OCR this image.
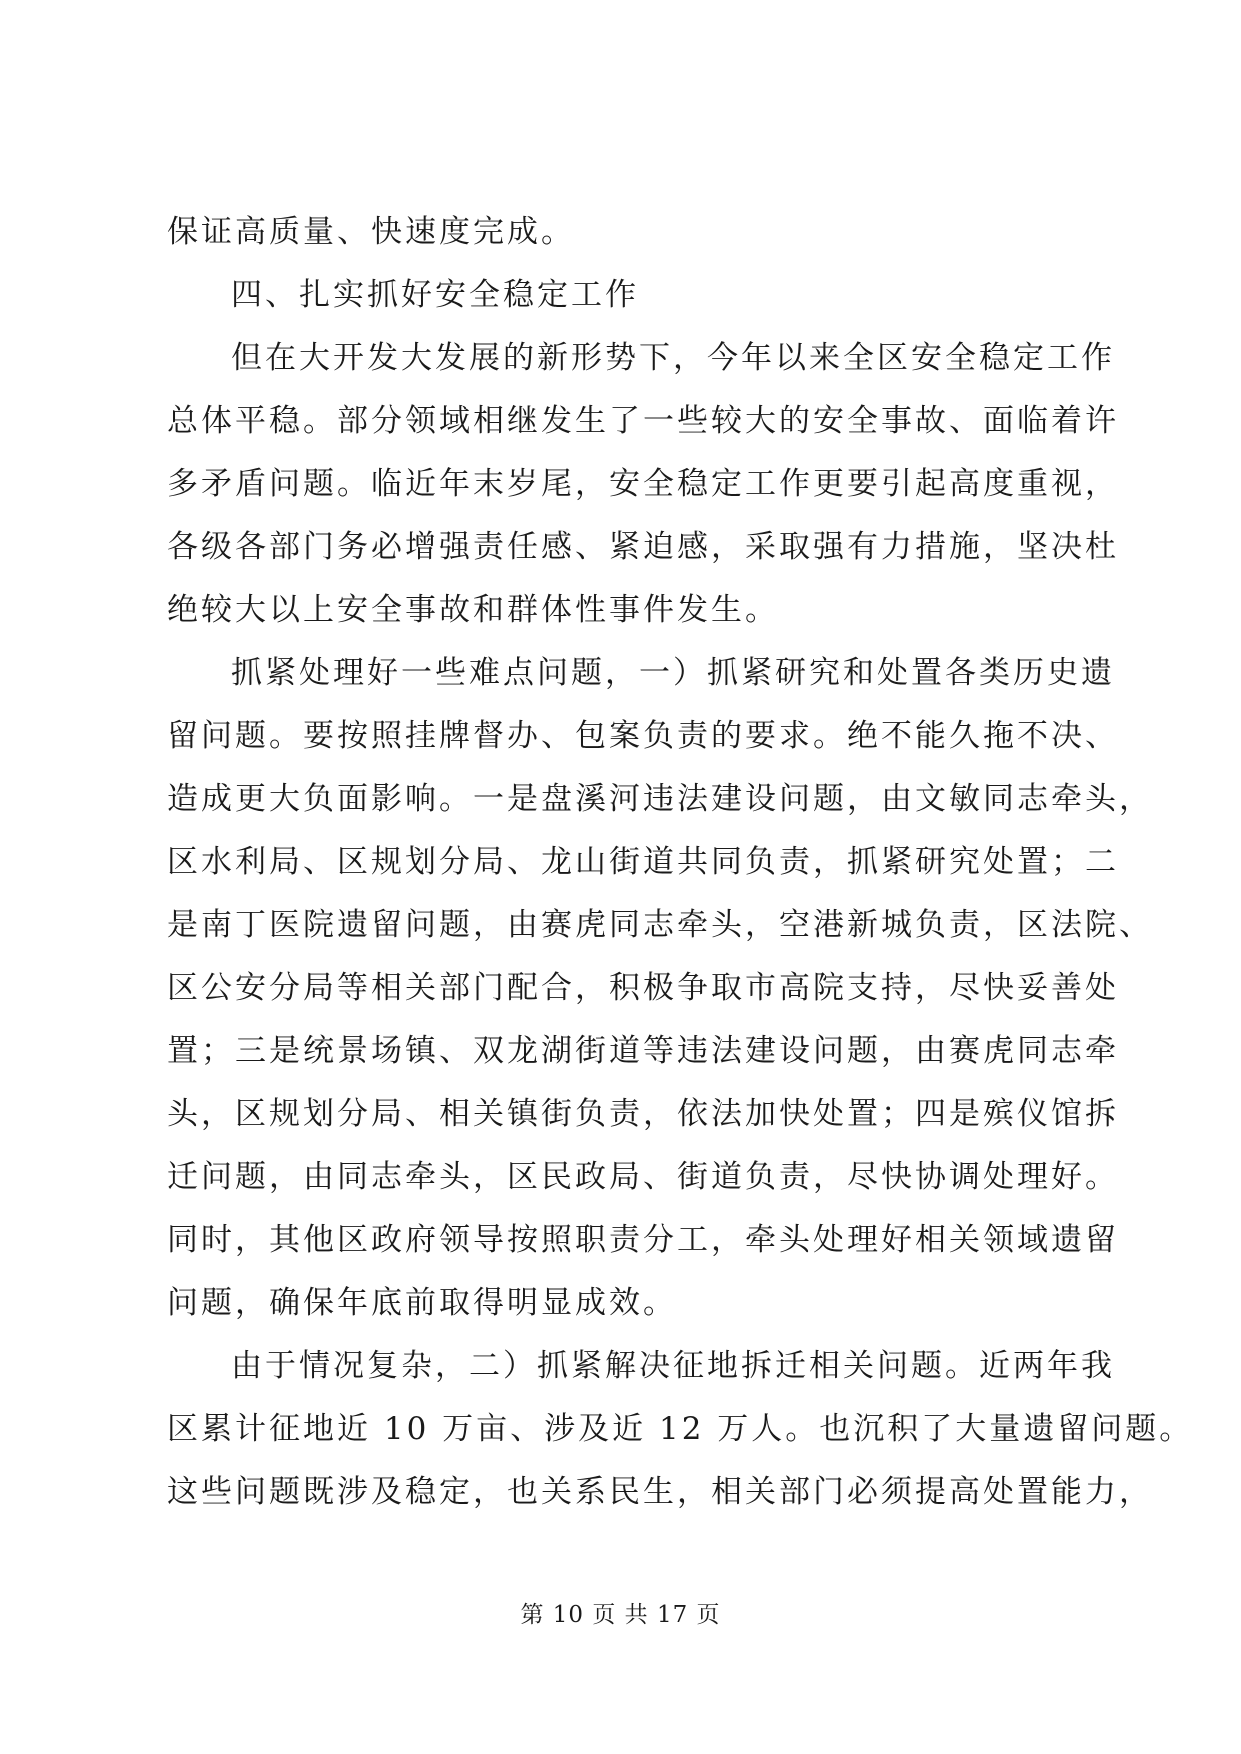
保证高质量、快速度完成。
四、扎实抓好安全稳定工作
但在大开发大发展的新形势下，今年以来全区安全稳定工作
总体平稳。部分领域相继发生了一些较大的安全事故、面临着许
多矛盾问题。临近年末岁尾，安全稳定工作更要引起高度重视，
各级各部门务必增强责任感、紧迫感，采取强有力措施，坚决杜
绝较大以上安全事故和群体性事件发生。
抓紧处理好一些难点问题，一）抓紧研究和处置各类历史遗
留问题。要按照挂牌督办、包案负责的要求。绝不能久拖不决、
造成更大负面影响。一是盘溪河违法建设问题，由文敏同志牵头，
区水利局、区规划分局、龙山街道共同负责，抓紧研究处置；二
是南丁医院遗留问题，由赛虎同志牵头，空港新城负责，区法院、
区公安分局等相关部门配合，积极争取市高院支持，尽快妥善处
置；三是统景场镇、双龙湖街道等违法建设问题，由赛虎同志牵
头，区规划分局、相关镇街负责，依法加快处置；四是殡仪馆拆
迁问题，由同志牵头，区民政局、街道负责，尽快协调处理好。
同时，其他区政府领导按照职责分工，牵头处理好相关领域遗留
问题，确保年底前取得明显成效。
由于情况复杂，二）抓紧解决征地拆迁相关问题。近两年我
区累计征地近 10 万亩、涉及近 12 万人。也沉积了大量遗留问题。
这些问题既涉及稳定，也关系民生，相关部门必须提高处置能力，
第 10 页 共 17 页
